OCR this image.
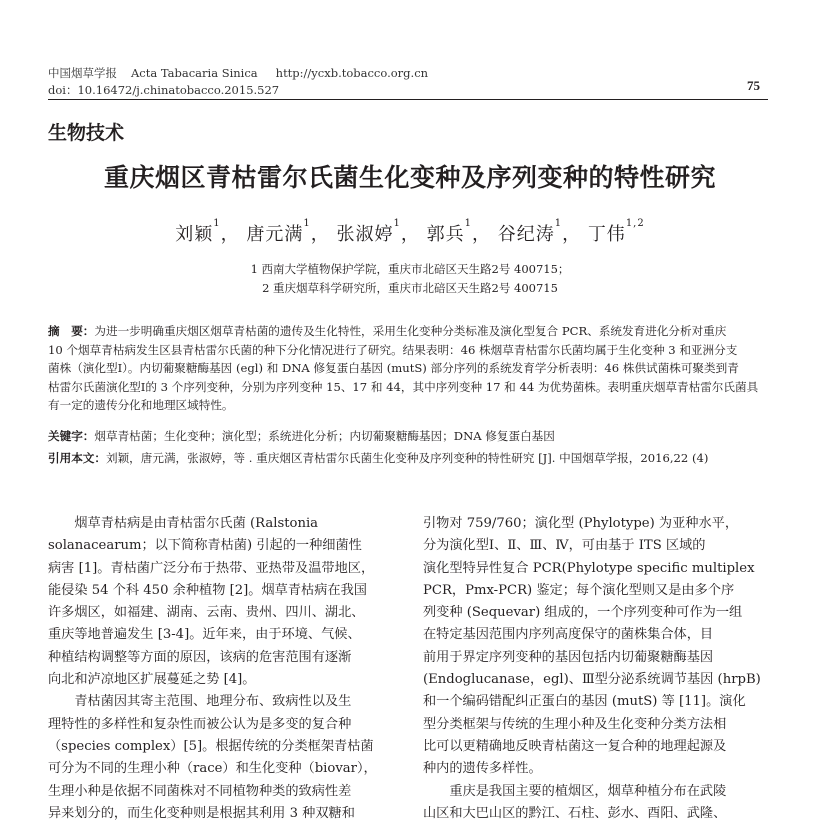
中国烟草学报 Acta Tabacaria Sinica http://ycxb.tobacco.org.cn
doi：10.16472/j.chinatobacco.2015.527	75
生物技术
重庆烟区青枯雷尔氏菌生化变种及序列变种的特性研究
刘颖$^1$， 唐元满$^1$， 张淑婷$^1$， 郭兵$^1$， 谷纪涛$^1$， 丁伟$^{1,2}$
1 西南大学植物保护学院，重庆市北碚区天生路2号 400715；
2 重庆烟草科学研究所，重庆市北碚区天生路2号 400715
摘　要：为进一步明确重庆烟区烟草青枯菌的遗传及生化特性，采用生化变种分类标准及演化型复合 PCR、系统发育进化分析对重庆
10 个烟草青枯病发生区县青枯雷尔氏菌的种下分化情况进行了研究。结果表明：46 株烟草青枯雷尔氏菌均属于生化变种 3 和亚洲分支
菌株（演化型Ⅰ）。内切葡聚糖酶基因 (egl) 和 DNA 修复蛋白基因 (mutS) 部分序列的系统发育学分析表明：46 株供试菌株可聚类到青
枯雷尔氏菌演化型Ⅰ的 3 个序列变种，分别为序列变种 15、17 和 44，其中序列变种 17 和 44 为优势菌株。表明重庆烟草青枯雷尔氏菌具
有一定的遗传分化和地理区域特性。
关键字：烟草青枯菌；生化变种；演化型；系统进化分析；内切葡聚糖酶基因；DNA 修复蛋白基因
引用本文：刘颖，唐元满，张淑婷，等 . 重庆烟区青枯雷尔氏菌生化变种及序列变种的特性研究 [J]. 中国烟草学报，2016,22 (4)
　　烟草青枯病是由青枯雷尔氏菌 (Ralstonia
solanacearum；以下简称青枯菌) 引起的一种细菌性
病害 [1]。青枯菌广泛分布于热带、亚热带及温带地区，
能侵染 54 个科 450 余种植物 [2]。烟草青枯病在我国
许多烟区，如福建、湖南、云南、贵州、四川、湖北、
重庆等地普遍发生 [3-4]。近年来，由于环境、气候、
种植结构调整等方面的原因，该病的危害范围有逐渐
向北和泸凉地区扩展蔓延之势 [4]。
　　青枯菌因其寄主范围、地理分布、致病性以及生
理特性的多样性和复杂性而被公认为是多变的复合种
（species complex）[5]。根据传统的分类框架青枯菌
可分为不同的生理小种（race）和生化变种（biovar），
生理小种是依据不同菌株对不同植物种类的致病性差
异来划分的，而生化变种则是根据其利用 3 种双糖和
引物对 759/760；演化型 (Phylotype) 为亚种水平，
分为演化型Ⅰ、Ⅱ、Ⅲ、Ⅳ，可由基于 ITS 区域的
演化型特异性复合 PCR(Phylotype specific multiplex
PCR，Pmx-PCR) 鉴定；每个演化型则又是由多个序
列变种 (Sequevar) 组成的，一个序列变种可作为一组
在特定基因范围内序列高度保守的菌株集合体，目
前用于界定序列变种的基因包括内切葡聚糖酶基因
(Endoglucanase，egl)、Ⅲ型分泌系统调节基因 (hrpB)
和一个编码错配纠正蛋白的基因 (mutS) 等 [11]。演化
型分类框架与传统的生理小种及生化变种分类方法相
比可以更精确地反映青枯菌这一复合种的地理起源及
种内的遗传多样性。
　　重庆是我国主要的植烟区，烟草种植分布在武陵
山区和大巴山区的黔江、石柱、彭水、酉阳、武隆、
